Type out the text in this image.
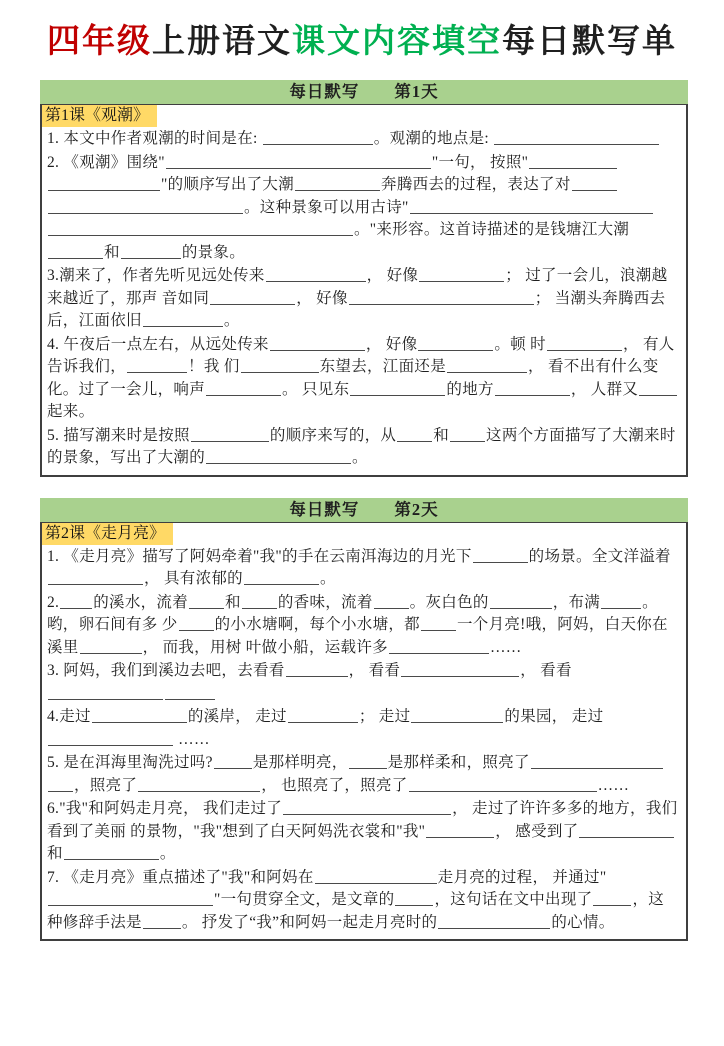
四年级上册语文课文内容填空每日默写单
每日默写　　第1天
第1课《观潮》

1. 本文中作者观潮的时间是在:	。观潮的地点是:

2. 《观潮》围绕"	"一句， 按照""的顺序写出了大潮	奔腾西去的过程，表达了对。这种景象可以用古诗"。"来形容。这首诗描述的是钱塘江大潮和	的景象。

3.潮来了，作者先听见远处传来	， 好像	； 过了一会儿，浪潮越来越近了，那声 音如同	， 好像	； 当潮头奔腾西去后，江面依旧	。

4. 午夜后一点左右，从远处传来	， 好像	。顿 时	， 有人告诉我们，	！我 们	东望去，江面还是	， 看不出有什么变化。过了一会儿，响声	。 只见东	的地方	， 人群又起来。

5. 描写潮来时是按照	的顺序来写的，从 和 这两个方面描写了大潮来时的景象，写出了大潮的	。

每日默写　　第2天
第2课《走月亮》

1. 《走月亮》描写了阿妈牵着"我"的手在云南洱海边的月光下	的场景。全文洋溢着， 具有浓郁的	。

2. 的溪水，流着 和 的香味，流着 。灰白色的	，布满	。哟，卵石间有多 少 的小水塘啊，每个小水塘，都 一个月亮!哦，阿妈，白天你在溪里	， 而我，用树 叶做小船，运载许多	……

3. 阿妈，我们到溪边去吧，去看看	， 看看	， 看看

4.走过	的溪岸， 走过	； 走过	的果园， 走过 ……

5. 是在洱海里淘洗过吗?	是那样明亮，	是那样柔和，照亮了，照亮了	， 也照亮了，照亮了	……

6."我"和阿妈走月亮， 我们走过了	， 走过了许许多多的地方，我们看到了美丽 的景物，"我"想到了白天阿妈洗衣裳和"我"	， 感受到了和	。

7. 《走月亮》重点描述了"我"和阿妈在	走月亮的过程， 并通过""一句贯穿全文，是文章的	，这句话在文中出现了	，这种修辞手法是	。 抒发了“我”和阿妈一起走月亮时的	的心情。
